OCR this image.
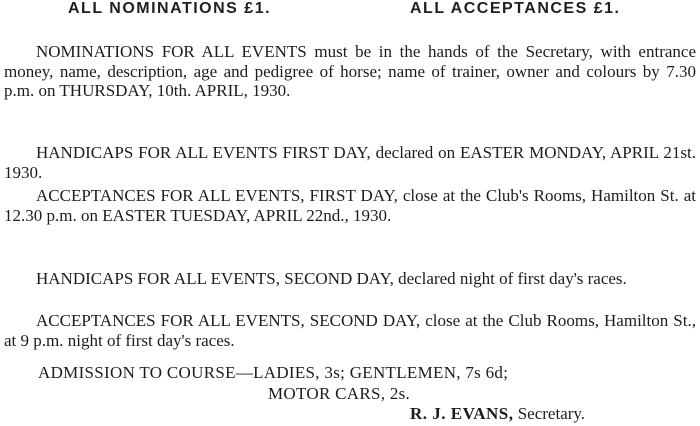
ALL NOMINATIONS £1.	ALL ACCEPTANCES £1.
NOMINATIONS FOR ALL EVENTS must be in the hands of the Secretary, with entrance money, name, description, age and pedigree of horse; name of trainer, owner and colours by 7.30 p.m. on THURSDAY, 10th. APRIL, 1930.
HANDICAPS FOR ALL EVENTS FIRST DAY, declared on EASTER MONDAY, APRIL 21st. 1930.
ACCEPTANCES FOR ALL EVENTS, FIRST DAY, close at the Club's Rooms, Hamilton St. at 12.30 p.m. on EASTER TUESDAY, APRIL 22nd., 1930.
HANDICAPS FOR ALL EVENTS, SECOND DAY, declared night of first day's races.
ACCEPTANCES FOR ALL EVENTS, SECOND DAY, close at the Club Rooms, Hamilton St., at 9 p.m. night of first day's races.
ADMISSION TO COURSE—LADIES, 3s; GENTLEMEN, 7s 6d;
MOTOR CARS, 2s.
R. J. EVANS, Secretary.
